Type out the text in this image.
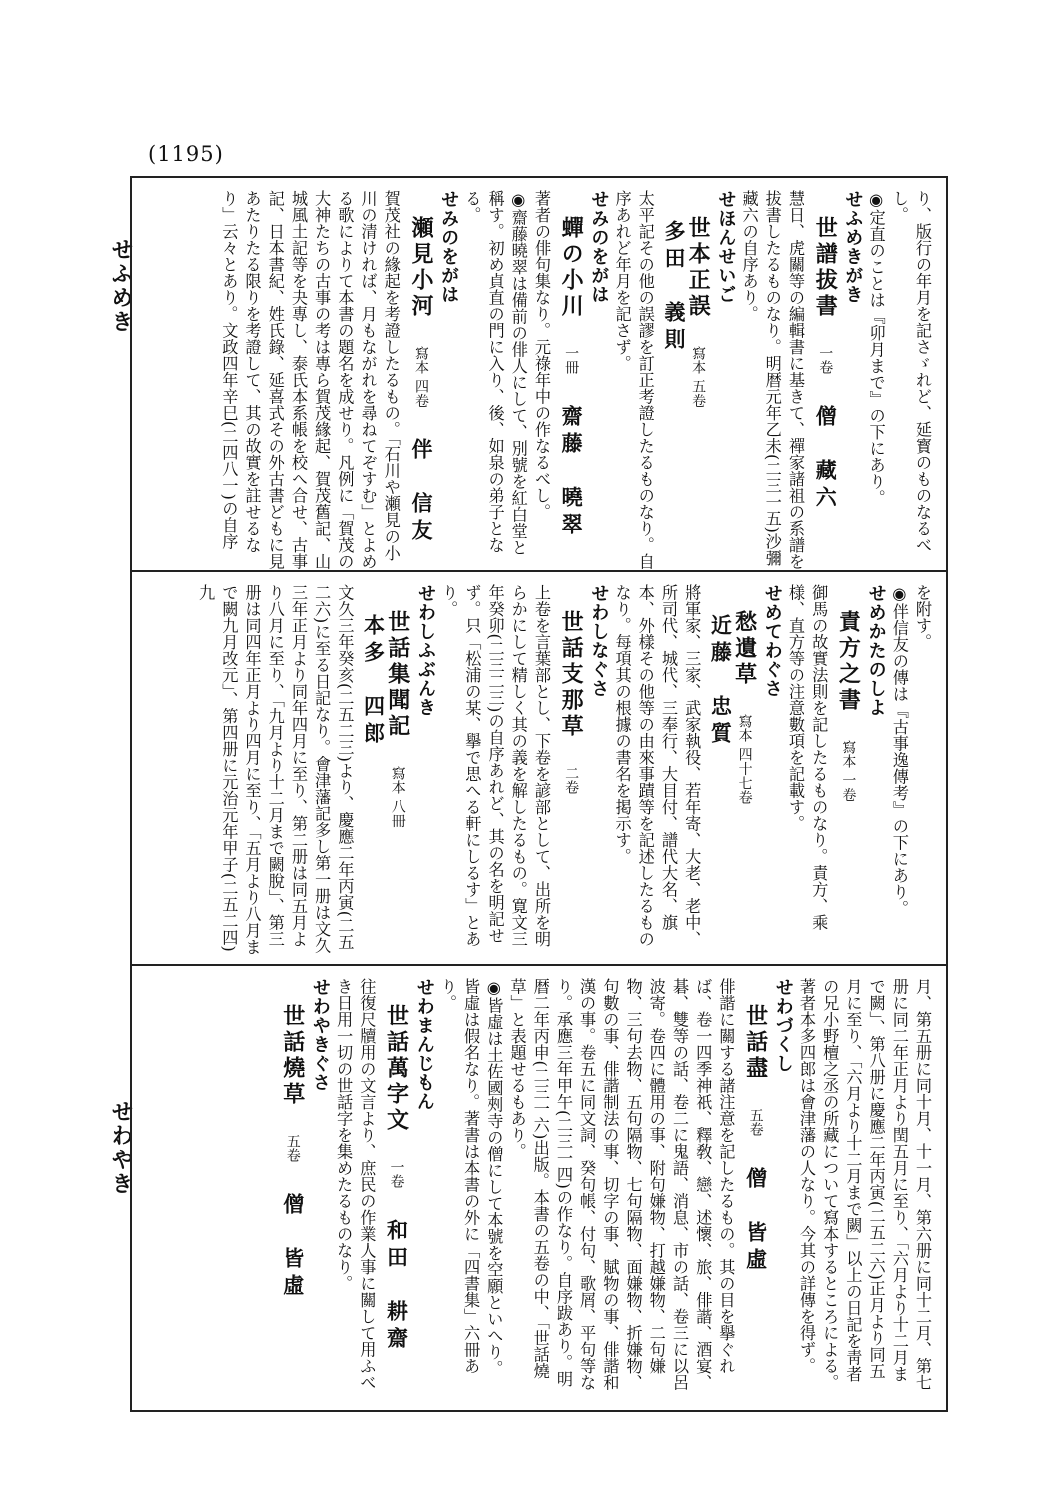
(1195)
せふめき
せわやき
り、版行の年月を記さゞれど、延寳のものなるべし。
◉定直のことは『卯月まで』の下にあり。
せふめきがき
世譜拔書一卷僧　藏六
慧日、虎關等の編輯書に基きて、禪家諸祖の系譜を拔書したるものなり。明暦元年乙未(二三一五)沙彌藏六の自序あり。
せほんせいご
世本正誤寫本 五卷多田　義則
太平記その他の誤謬を訂正考證したるものなり。自序あれど年月を記さず。
せみのをがは
蟬の小川一冊齋藤　曉翠
著者の俳句集なり。元祿年中の作なるべし。
◉齋藤曉翠は備前の俳人にして、別號を紅白堂と稱す。初め貞直の門に入り、後、如泉の弟子となる。
せみのをがは
瀬見小河寫本 四卷伴　信友
賀茂社の緣起を考證したるもの。「石川や瀬見の小川の清ければ、月もながれを尋ねてぞすむ」とよめる歌によりて本書の題名を成せり。凡例に「賀茂の大神たちの古事の考は專ら賀茂緣起、賀茂舊記、山城風土記等を夬專し、泰氏本系帳を校へ合せ、古事記、日本書紀、姓氏錄、延喜式その外古書どもに見あたりたる限りを考證して、其の故實を註せるなり」云々とあり。文政四年辛巳(二四八一)の自序
を附す。
◉伴信友の傳は『古事逸傳考』の下にあり。
せめかたのしよ
責方之書寫本 一卷
御馬の故實法則を記したるものなり。責方、乘様、直方等の注意數項を記載す。
せめてわぐさ
愁遺草寫本 四十七卷近藤　忠質
將軍家、三家、武家執役、若年寄、大老、老中、所司代、城代、三奉行、大目付、譜代大名、旗本、外樣その他等の由來事蹟等を記述したるものなり。每項其の根據の書名を掲示す。
せわしなぐさ
世話支那草二卷
上卷を言葉部とし、下卷を諺部として、出所を明らかにして精しく其の義を解したるもの。寛文三年癸卯(二三二三)の自序あれど、其の名を明記せず。只「松浦の某、擧で思へる軒にしるす」とあり。
せわしふぶんき
世話集聞記寫本 八冊本多　四郎
文久三年癸亥(二五二三)より、慶應二年丙寅(二五二六)に至る日記なり。會津藩記多し第一册は文久三年正月より同年四月に至り、第二册は同五月より八月に至り、「九月より十二月まで闕脫」、第三册は同四年正月より四月に至り、「五月より八月まで闕九月改元」、第四册に元治元年甲子(二五二四)九
月、第五册に同十月、十一月、第六册に同十二月、第七册に同二年正月より閏五月に至り、「六月より十二月まで闕」、第八册に慶應二年丙寅(二五二六)正月より同五月に至り、「六月より十二月まで闕」以上の日記を靑者の兄小野檀之丞の所藏について寫本するところによる。著者本多四郎は會津藩の人なり。今其の詳傳を得ず。
せわづくし
世話盡五卷僧　皆虛
俳諧に關する諸注意を記したるもの。其の目を擧ぐれば、卷一四季神祇、釋敎、戀、述懷、旅、俳諧、酒宴、碁、雙等の話、卷二に鬼語、消息、市の話、卷三に以呂波寄。卷四に體用の事、附句嫌物、打越嫌物、二句嫌物、三句去物、五句隔物、七句隔物、面嫌物、折嫌物、句數の事、俳諧制法の事、切字の事、賦物の事、俳諧和漢の事。卷五に同文詞、癸句帳、付句、歌屑、平句等なり。承應三年甲午(二三一四)の作なり。自序跋あり。明暦二年丙申(二三一六)出版。本書の五卷の中、「世話燒草」と表題せるもあり。
◉皆虛は土佐國㓨寺の僧にして本號を空願といへり。皆虛は假名なり。著書は本書の外に「四書集」六冊あり。
せわまんじもん
世話萬字文一卷和田　耕齋
往復尺牘用の文言より、庶民の作業人事に關して用ふべき日用一切の世話字を集めたるものなり。
せわやきぐさ
世話燒草五卷僧　皆虛
